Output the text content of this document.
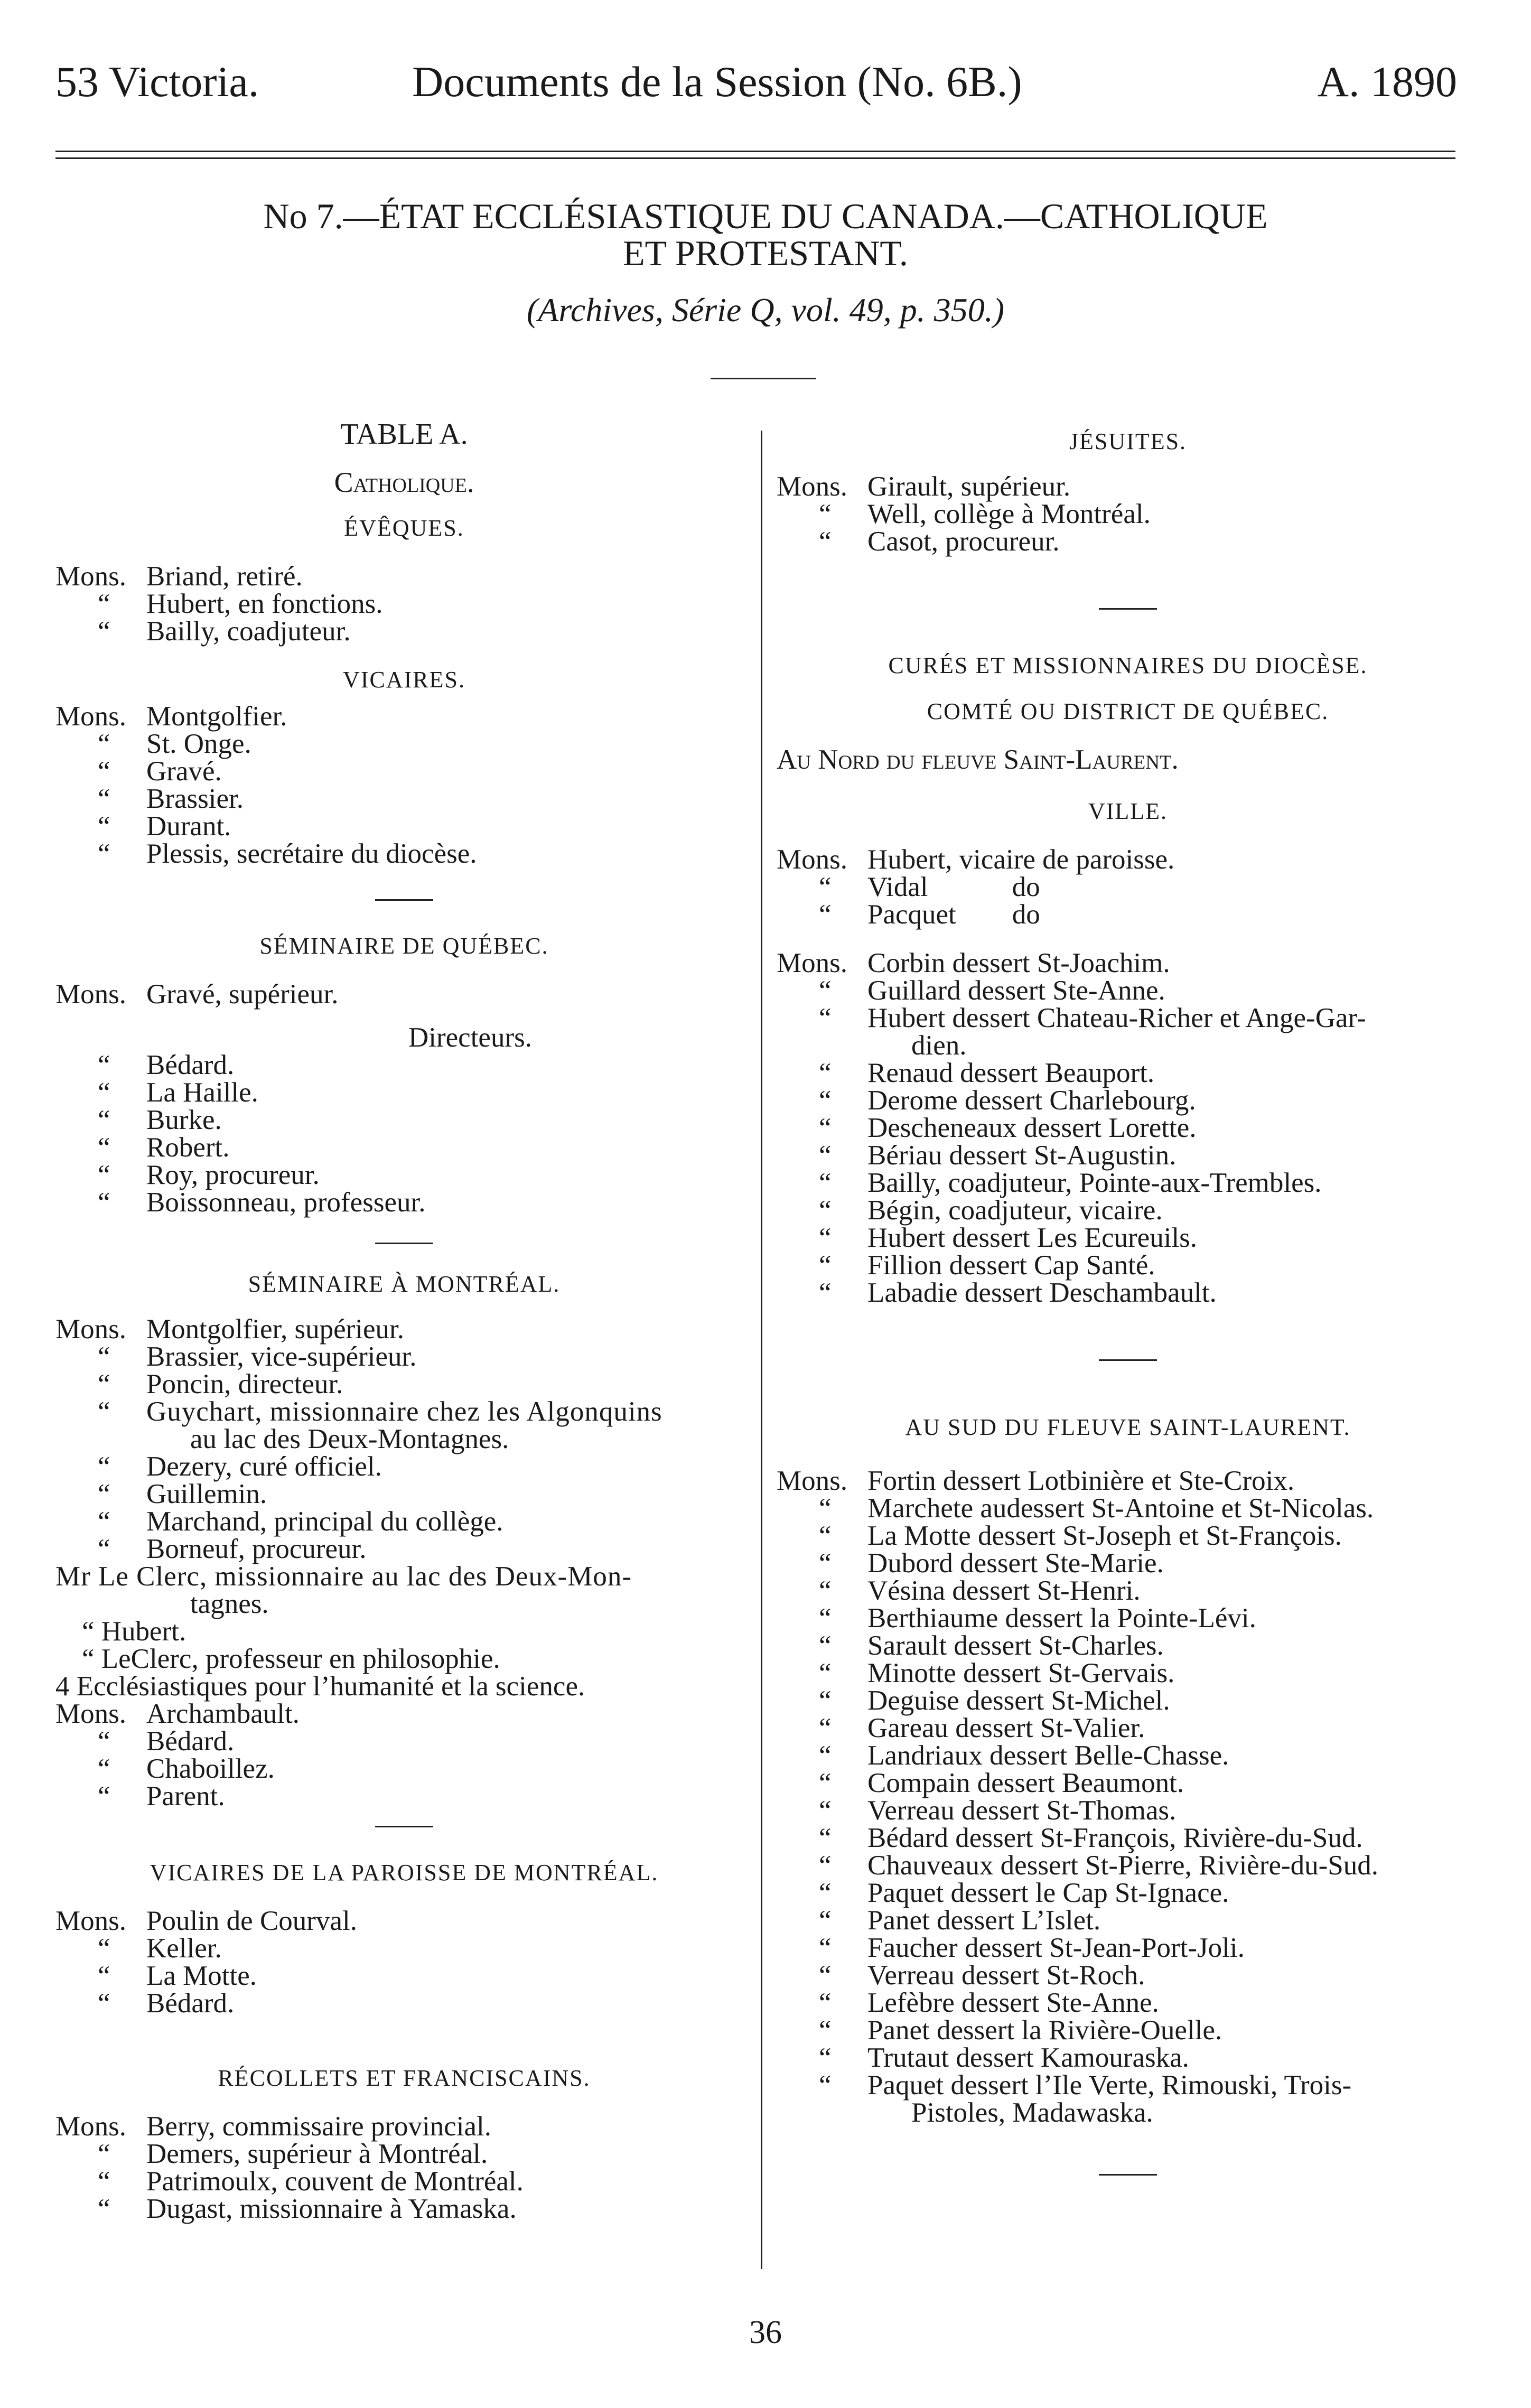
53 Victoria.	Documents de la Session (No. 6B.)	A. 1890
No 7.—ÉTAT ECCLÉSIASTIQUE DU CANADA.—CATHOLIQUE
ET PROTESTANT.
(Archives, Série Q, vol. 49, p. 350.)
TABLE A.
Catholique.
ÉVÊQUES.
Mons. Briand, retiré.
“ Hubert, en fonctions.
“ Bailly, coadjuteur.
VICAIRES.
Mons. Montgolfier.
“ St. Onge.
“ Gravé.
“ Brassier.
“ Durant.
“ Plessis, secrétaire du diocèse.
SÉMINAIRE DE QUÉBEC.
Mons. Gravé, supérieur.
Directeurs.
“ Bédard.
“ La Haille.
“ Burke.
“ Robert.
“ Roy, procureur.
“ Boissonneau, professeur.
SÉMINAIRE À MONTRÉAL.
Mons. Montgolfier, supérieur.
“ Brassier, vice-supérieur.
“ Poncin, directeur.
“ Guychart, missionnaire chez les Algonquins
au lac des Deux-Montagnes.
“ Dezery, curé officiel.
“ Guillemin.
“ Marchand, principal du collège.
“ Borneuf, procureur.
Mr Le Clerc, missionnaire au lac des Deux-Mon-
tagnes.
“ Hubert.
“ LeClerc, professeur en philosophie.
4 Ecclésiastiques pour l’humanité et la science.
Mons. Archambault.
“ Bédard.
“ Chaboillez.
“ Parent.
VICAIRES DE LA PAROISSE DE MONTRÉAL.
Mons. Poulin de Courval.
“ Keller.
“ La Motte.
“ Bédard.
RÉCOLLETS ET FRANCISCAINS.
Mons. Berry, commissaire provincial.
“ Demers, supérieur à Montréal.
“ Patrimoulx, couvent de Montréal.
“ Dugast, missionnaire à Yamaska.
JÉSUITES.
Mons. Girault, supérieur.
“ Well, collège à Montréal.
“ Casot, procureur.
CURÉS ET MISSIONNAIRES DU DIOCÈSE.
COMTÉ OU DISTRICT DE QUÉBEC.
Au Nord du fleuve Saint-Laurent.
VILLE.
Mons. Hubert, vicaire de paroisse.
“ Vidal            do
“ Pacquet        do
Mons. Corbin dessert St-Joachim.
“ Guillard dessert Ste-Anne.
“ Hubert dessert Chateau-Richer et Ange-Gar-
dien.
“ Renaud dessert Beauport.
“ Derome dessert Charlebourg.
“ Descheneaux dessert Lorette.
“ Bériau dessert St-Augustin.
“ Bailly, coadjuteur, Pointe-aux-Trembles.
“ Bégin, coadjuteur, vicaire.
“ Hubert dessert Les Ecureuils.
“ Fillion dessert Cap Santé.
“ Labadie dessert Deschambault.
AU SUD DU FLEUVE SAINT-LAURENT.
Mons. Fortin dessert Lotbinière et Ste-Croix.
“ Marchete audessert St-Antoine et St-Nicolas.
“ La Motte dessert St-Joseph et St-François.
“ Dubord dessert Ste-Marie.
“ Vésina dessert St-Henri.
“ Berthiaume dessert la Pointe-Lévi.
“ Sarault dessert St-Charles.
“ Minotte dessert St-Gervais.
“ Deguise dessert St-Michel.
“ Gareau dessert St-Valier.
“ Landriaux dessert Belle-Chasse.
“ Compain dessert Beaumont.
“ Verreau dessert St-Thomas.
“ Bédard dessert St-François, Rivière-du-Sud.
“ Chauveaux dessert St-Pierre, Rivière-du-Sud.
“ Paquet dessert le Cap St-Ignace.
“ Panet dessert L’Islet.
“ Faucher dessert St-Jean-Port-Joli.
“ Verreau dessert St-Roch.
“ Lefèbre dessert Ste-Anne.
“ Panet dessert la Rivière-Ouelle.
“ Trutaut dessert Kamouraska.
“ Paquet dessert l’Ile Verte, Rimouski, Trois-
Pistoles, Madawaska.
36
